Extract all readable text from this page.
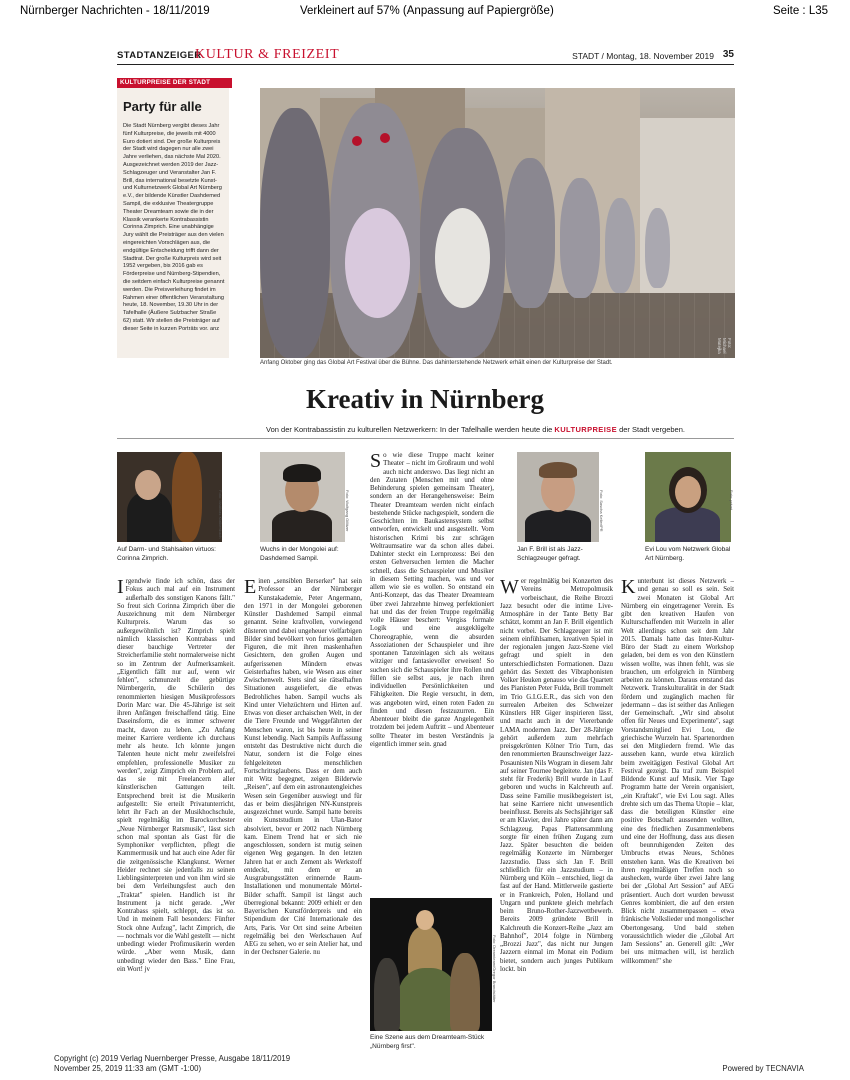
Nürnberger Nachrichten - 18/11/2019	Verkleinert auf 57% (Anpassung auf Papiergröße)	Seite : L35
STADTANZEIGER
KULTUR & FREIZEIT	STADT / Montag, 18. November 2019 35
Party für alle
Die Stadt Nürnberg vergibt dieses Jahr fünf Kulturpreise, die jeweils mit 4000 Euro dotiert sind. Der große Kulturpreis der Stadt wird dagegen nur alle zwei Jahre verliehen, das nächste Mal 2020. Ausgezeichnet werden 2019 der Jazz-Schlagzeuger und Veranstalter Jan F. Brill, das international besetzte Kunst- und Kulturnetzwerk Global Art Nürnberg e.V., der bildende Künstler Dashdemed Sampil, die exklusive Theatergruppe Theater Dreamteam sowie die in der Klassik verankerte Kontrabassistin Corinna Zimprich. Eine unabhängige Jury wählt die Preisträger aus den vielen eingereichten Vorschlägen aus, die endgültige Entscheidung trifft dann der Stadtrat. Der große Kulturpreis wird seit 1952 vergeben, bis 2016 gab es Förderpreise und Nürnberg-Stipendien, die seitdem einfach Kulturpreise genannt werden. Die Preisverleihung findet im Rahmen einer öffentlichen Veranstaltung heute, 18. November, 19.30 Uhr in der Tafelhalle (Äußere Sulzbacher Straße 62) statt. Wir stellen die Preisträger auf dieser Seite in kurzen Porträts vor. anz
KULTURPREISE DER STADT
Foto: Michael Matejka
Anfang Oktober ging das Global Art Festival über die Bühne. Das dahinterstehende Netzwerk erhält einen der Kulturpreise der Stadt.
Kreativ in Nürnberg
Von der Kontrabassistin zu kulturellen Netzwerkern: In der Tafelhalle werden heute die KULTURPREISE der Stadt vergeben.
Foto: Matthias Klatkenbach
Auf Darm- und Stahlsaiten virtuos: Corinna Zimprich.
Foto: Wolfgang Gillitzer
Wuchs in der Mongolei auf: Dashdemed Sampil.
Foto: Sascha Keller/PR
Jan F. Brill ist als Jazz-Schlagzeuger gefragt.
Foto: privat
Evi Lou vom Netzwerk Global Art Nürnberg.
Irgendwie finde ich schön, dass der Fokus auch mal auf ein Instrument außerhalb des sonstigen Kanons fällt." So freut sich Corinna Zimprich über die Auszeichnung mit dem Nürnberger Kulturpreis. Warum das so außergewöhnlich ist? Zimprich spielt nämlich klassischen Kontrabass und dieser bauchige Vertreter der Streicherfamilie steht normalerweise nicht so im Zentrum der Aufmerksamkeit. „Eigentlich fällt nur auf, wenn wir fehlen", schmunzelt die gebürtige Nürnbergerin, die Schülerin des renommierten hiesigen Musikprofessors Dorin Marc war. Die 45-Jährige ist seit ihren Anfängen freischaffend tätig. Eine Daseinsform, die es immer schwerer macht, davon zu leben. „Zu Anfang meiner Karriere verdiente ich durchaus mehr als heute. Ich könnte jungen Talenten heute nicht mehr zweifelsfrei empfehlen, professionelle Musiker zu werden", zeigt Zimprich ein Problem auf, das sie mit Freelancern aller künstlerischen Gattungen teilt. Entsprechend breit ist die Musikerin aufgestellt: Sie erteilt Privatunterricht, lehrt ihr Fach an der Musikhochschule, spielt regelmäßig im Barockorchester „Neue Nürnberger Ratsmusik", lässt sich schon mal spontan als Gast für die Symphoniker verpflichten, pflegt die Kammermusik und hat auch eine Ader für die zeitgenössische Klangkunst. Werner Heider rechnet sie jedenfalls zu seinen Lieblingsinterpreten und von ihm wird sie bei dem Verleihungsfest auch den „Traktat" spielen. Handlich ist ihr Instrument ja nicht gerade. „Wer Kontrabass spielt, schleppt, das ist so. Und in meinem Fall besonders: Fünfter Stock ohne Aufzug", lacht Zimprich, die — nochmals vor die Wahl gestellt — nicht unbedingt wieder Profimusikerin werden würde. „Aber wenn Musik, dann unbedingt wieder den Bass." Eine Frau, ein Wort! jv
Einen „sensiblen Berserker" hat sein Professor an der Nürnberger Kunstakademie, Peter Angermann, den 1971 in der Mongolei geborenen Künstler Dashdemed Sampil einmal genannt. Seine kraftvollen, vorwiegend düsteren und dabei ungeheuer vielfarbigen Bilder sind bevölkert von furios gemalten Figuren, die mit ihren maskenhaften Gesichtern, den großen Augen und aufgerissenen Mündern etwas Geisterhaftes haben, wie Wesen aus einer Zwischenwelt. Stets sind sie rätselhaften Situationen ausgeliefert, die etwas Bedrohliches haben. Sampil wuchs als Kind unter Viehzüchtern und Hirten auf. Etwas von dieser archaischen Welt, in der die Tiere Freunde und Weggefährten der Menschen waren, ist bis heute in seiner Kunst lebendig. Nach Sampils Auffassung entsteht das Destruktive nicht durch die Natur, sondern ist die Folge eines fehlgeleiteten menschlichen Fortschrittsglaubens. Dass er dem auch mit Witz begegnet, zeigen Bilderwie „Reisen", auf dem ein astronautengleiches Wesen sein Gegenüber auswiegt und für das er beim diesjährigen NN-Kunstpreis ausgezeichnet wurde. Sampil hatte bereits ein Kunststudium in Ulan-Bator absolviert, bevor er 2002 nach Nürnberg kam. Einem Trend hat er sich nie angeschlossen, sondern ist mutig seinen eigenen Weg gegangen. In den letzten Jahren hat er auch Zement als Werkstoff entdeckt, mit dem er an Ausgrabungsstätten erinnernde Raum-Installationen und monumentale Mörtel-Bilder schafft. Sampil ist längst auch überregional bekannt: 2009 erhielt er den Bayerischen Kunstförderpreis und ein Stipendium der Cité Internationale des Arts, Paris. Vor Ort sind seine Arbeiten regelmäßig bei den Werkschauen Auf AEG zu sehen, wo er sein Atelier hat, und in der Oechsner Galerie. nu
So wie diese Truppe macht keiner Theater – nicht im Großraum und wohl auch nicht anderswo. Das liegt nicht an den Zutaten (Menschen mit und ohne Behinderung spielen gemeinsam Theater), sondern an der Herangehensweise: Beim Theater Dreamteam werden nicht einfach bestehende Stücke nachgespielt, sondern die Geschichten im Baukastensystem selbst entworfen, entwickelt und ausgestellt. Vom historischen Krimi bis zur schrägen Weltraumsatire war da schon alles dabei. Dahinter steckt ein Lernprozess: Bei den ersten Gehversuchen lernten die Macher schnell, dass die Schauspieler und Musiker in diesem Setting machen, was und vor allem wie sie es wollen. So entstand ein Anti-Konzept, das das Theater Dreamteam über zwei Jahrzehnte hinweg perfektioniert hat und das der freien Truppe regelmäßig volle Häuser beschert: Vergiss formale Logik und eine ausgeklügelte Choreographie, wenn die absurden Assoziationen der Schauspieler und ihre spontanen Tanzeinlagen sich als weitaus witziger und fantasievoller erweisen! So suchen sich die Schauspieler ihre Rollen und füllen sie selbst aus, je nach ihren individuellen Persönlichkeiten und Fähigkeiten. Die Regie versucht, in dem, was angeboten wird, einen roten Faden zu finden und diesen festzuzurren. Ein Abenteuer bleibt die ganze Angelegenheit trotzdem bei jedem Auftritt – und Abenteuer sollte Theater im besten Verständnis ja eigentlich immer sein. gnad
Foto: Dreamteam/Gregor Brandstätter
Eine Szene aus dem Dreamteam-Stück „Nürnberg first".
Wer regelmäßig bei Konzerten des Vereins Metropolmusik vorbeischaut, die Reihe Brozzi Jazz besucht oder die intime Live-Atmosphäre in der Tante Betty Bar schätzt, kommt an Jan F. Brill eigentlich nicht vorbei. Der Schlagzeuger ist mit seinem einfühlsamen, kreativen Spiel in der regionalen jungen Jazz-Szene viel gefragt und spielt in den unterschiedlichsten Formationen. Dazu gehört das Sextett des Vibraphonisten Volker Heuken genauso wie das Quartett des Pianisten Peter Fulda, Brill trommelt im Trio G.I.G.E.R., das sich von den surrealen Arbeiten des Schweizer Künstlers HR Giger inspirieren lässt, und macht auch in der Viererbande LAMA modernen Jazz. Der 28-Jährige gehört außerdem zum mehrfach preisgekrönten Kölner Trio Turn, das den renommierten Braunschweiger Jazz-Posaunisten Nils Wogram in diesem Jahr auf seiner Tournee begleitete. Jan (das F. steht für Frederik) Brill wurde in Lauf geboren und wuchs in Kalchreuth auf. Dass seine Familie musikbegeistert ist, hat seine Karriere nicht unwesentlich beeinflusst. Bereits als Sechsjähriger saß er am Klavier, drei Jahre später dann am Schlagzeug. Papas Plattensammlung sorgte für einen frühen Zugang zum Jazz. Später besuchten die beiden regelmäßig Konzerte im Nürnberger Jazzstudio. Dass sich Jan F. Brill schließlich für ein Jazzstudium – in Nürnberg und Köln – entschied, liegt da fast auf der Hand. Mittlerweile gastierte er in Frankreich, Polen, Holland und Ungarn und punktete gleich mehrfach beim Bruno-Rother-Jazzwettbewerb. Bereits 2009 gründete Brill in Kalchreuth die Konzert-Reihe „Jazz am Bahnhof", 2014 folgte in Nürnberg „Brozzi Jazz", das nicht nur Jungen Jazzern einmal im Monat ein Podium bietet, sondern auch junges Publikum lockt. bin
Kunterbunt ist dieses Netzwerk – und genau so soll es sein. Seit zwei Monaten ist Global Art Nürnberg ein eingetragener Verein. Es gibt den kreativen Haufen von Kulturschaffenden mit Wurzeln in aller Welt allerdings schon seit dem Jahr 2015. Damals hatte das Inter-Kultur-Büro der Stadt zu einem Workshop geladen, bei dem es von den Künstlern wissen wollte, was ihnen fehlt, was sie brauchen, um erfolgreich in Nürnberg arbeiten zu können. Daraus entstand das Netzwerk. Transkulturalität in der Stadt fördern und zugänglich machen für jedermann – das ist seither das Anliegen der Gemeinschaft. „Wir sind absolut offen für Neues und Experimente", sagt Vorstandsmitglied Evi Lou, die griechische Wurzeln hat. Spartenordnen sei den Mitgliedern fremd. Wie das aussehen kann, wurde etwa kürzlich beim zweitägigen Festival Global Art Festival gezeigt. Da traf zum Beispiel Bildende Kunst auf Musik. Vier Tage Programm hatte der Verein organisiert, „ein Kraftakt", wie Evi Lou sagt. Alles drehte sich um das Thema Utopie – klar, dass die beteiligten Künstler eine positive Botschaft aussenden wollten, eine des friedlichen Zusammenlebens und eine der Hoffnung, dass aus diesen oft beunruhigenden Zeiten des Umbruchs etwas Neues, Schönes entstehen kann. Was die Kreativen bei ihren regelmäßigen Treffen noch so aushecken, wurde über zwei Jahre lang bei der „Global Art Session" auf AEG präsentiert. Auch dort wurden bewusst Genres kombiniert, die auf den ersten Blick nicht zusammenpassen – etwa fränkische Volkslieder und mongolischer Obertongesang. Und bald stehen voraussichtlich wieder die „Global Art Jam Sessions" an. Generell gilt: „Wer bei uns mitmachen will, ist herzlich willkommen!" she
Copyright (c) 2019 Verlag Nuernberger Presse, Ausgabe 18/11/2019
November 25, 2019 11:33 am (GMT -1:00)	Powered by TECNAVIA
